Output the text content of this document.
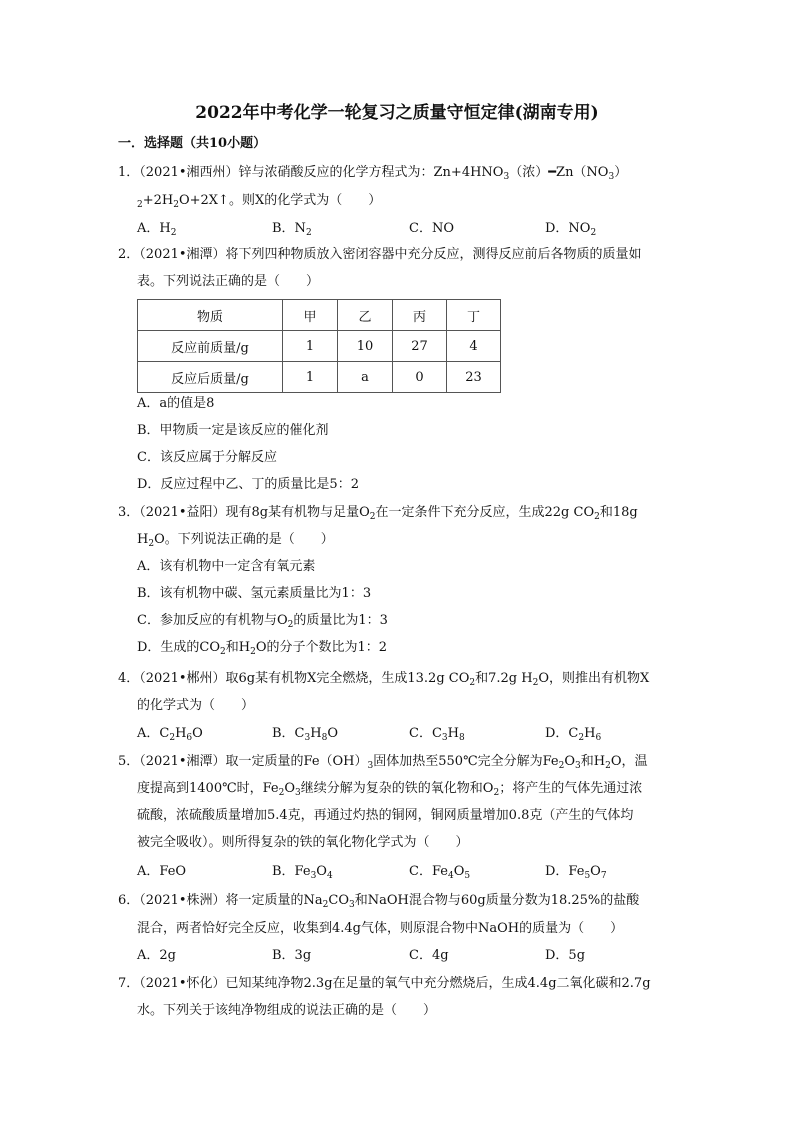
2022年中考化学一轮复习之质量守恒定律(湖南专用)
一．选择题（共10小题）
1．（2021•湘西州）锌与浓硝酸反应的化学方程式为：$Zn+4HNO_3$（浓）$━Zn(NO_3)$
$_2+2H_2O+2X↑$。则X的化学式为（　　）
A．$H_2$	B．$N_2$	C．NO	D．$NO_2$
2．（2021•湘潭）将下列四种物质放入密闭容器中充分反应，测得反应前后各物质的质量如
表。下列说法正确的是（　　）
物质	甲	乙	丙	丁
反应前质量/g	1	10	27	4
反应后质量/g	1	a	0	23
A．a的值是8
B．甲物质一定是该反应的催化剂
C．该反应属于分解反应
D．反应过程中乙、丁的质量比是5：2
3．（2021•益阳）现有8g某有机物与足量$O_2$在一定条件下充分反应，生成22g $CO_2$和18g
$H_2O$。下列说法正确的是（　　）
A．该有机物中一定含有氧元素
B．该有机物中碳、氢元素质量比为1：3
C．参加反应的有机物与$O_2$的质量比为1：3
D．生成的$CO_2$和$H_2O$的分子个数比为1：2
4．（2021•郴州）取6g某有机物X完全燃烧，生成13.2g $CO_2$和7.2g $H_2O$，则推出有机物X
的化学式为（　　）
A．$C_2H_6O$	B．$C_3H_8O$	C．$C_3H_8$	D．$C_2H_6$
5．（2021•湘潭）取一定质量的$Fe(OH)_3$固体加热至550℃完全分解为$Fe_2O_3$和$H_2O$，温
度提高到1400℃时，$Fe_2O_3$继续分解为复杂的铁的氧化物和$O_2$；将产生的气体先通过浓
硫酸，浓硫酸质量增加5.4克，再通过灼热的铜网，铜网质量增加0.8克（产生的气体均
被完全吸收）。则所得复杂的铁的氧化物化学式为（　　）
A．FeO	B．$Fe_3O_4$	C．$Fe_4O_5$	D．$Fe_5O_7$
6．（2021•株洲）将一定质量的$Na_2CO_3$和NaOH混合物与60g质量分数为18.25%的盐酸
混合，两者恰好完全反应，收集到4.4g气体，则原混合物中NaOH的质量为（　　）
A．2g	B．3g	C．4g	D．5g
7．（2021•怀化）已知某纯净物2.3g在足量的氧气中充分燃烧后，生成4.4g二氧化碳和2.7g
水。下列关于该纯净物组成的说法正确的是（　　）
